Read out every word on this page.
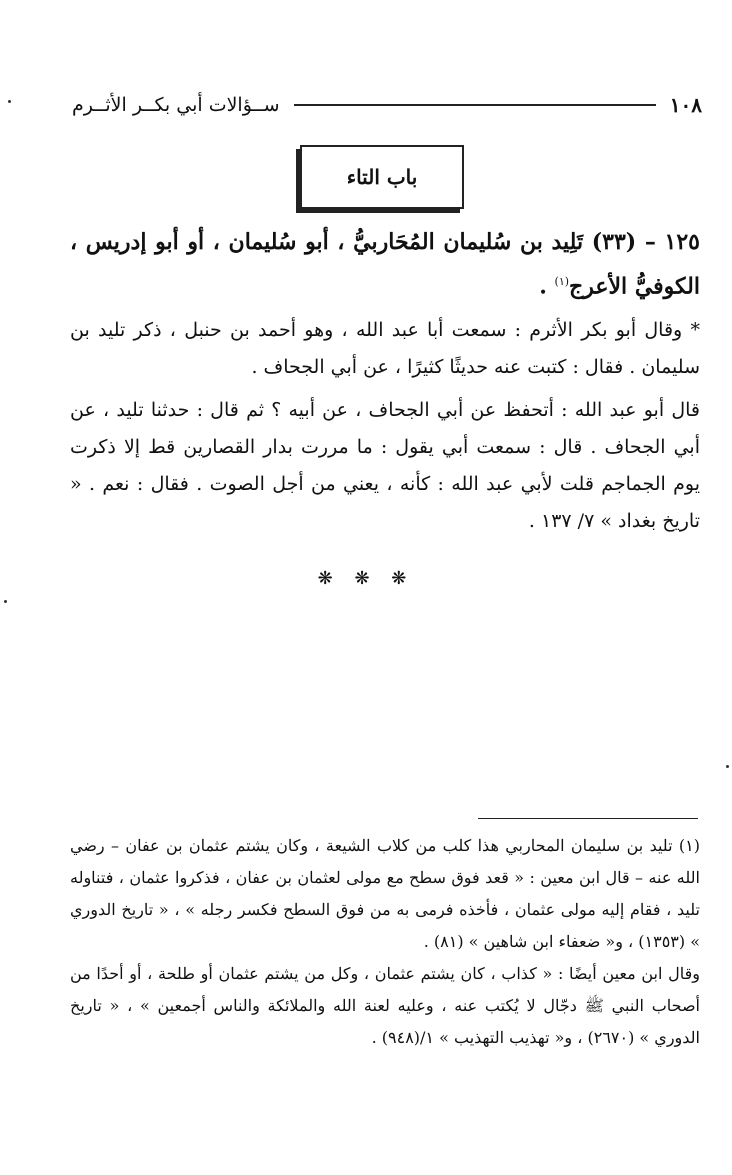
١٠٨
ســؤالات أبي بكــر الأثــرم
باب التاء

١٢٥ – (٣٣) تَلِيد بن سُليمان المُحَاربيُّ ، أبو سُليمان ، أو أبو إدريس ، الكوفيُّ الأعرج$^{(١)}$ .

* وقال أبو بكر الأثرم : سمعت أبا عبد الله ، وهو أحمد بن حنبل ، ذكر تليد بن سليمان . فقال : كتبت عنه حديثًا كثيرًا ، عن أبي الجحاف .

قال أبو عبد الله : أتحفظ عن أبي الجحاف ، عن أبيه ؟ ثم قال : حدثنا تليد ، عن أبي الجحاف . قال : سمعت أبي يقول : ما مررت بدار القصارين قط إلا ذكرت يوم الجماجم قلت لأبي عبد الله : كأنه ، يعني من أجل الصوت . فقال : نعم . « تاريخ بغداد » ٧/ ١٣٧ .

❋ ❋ ❋

(١) تليد بن سليمان المحاربي هذا كلب من كلاب الشيعة ، وكان يشتم عثمان بن عفان – رضي الله عنه – قال ابن معين : « قعد فوق سطح مع مولى لعثمان بن عفان ، فذكروا عثمان ، فتناوله تليد ، فقام إليه مولى عثمان ، فأخذه فرمى به من فوق السطح فكسر رجله » ، « تاريخ الدوري » (١٣٥٣) ، و« ضعفاء ابن شاهين » (٨١) .

وقال ابن معين أيضًا : « كذاب ، كان يشتم عثمان ، وكل من يشتم عثمان أو طلحة ، أو أحدًا من أصحاب النبي ﷺ دجّال لا يُكتب عنه ، وعليه لعنة الله والملائكة والناس أجمعين » ، « تاريخ الدوري » (٢٦٧٠) ، و« تهذيب التهذيب » ١/(٩٤٨) .
